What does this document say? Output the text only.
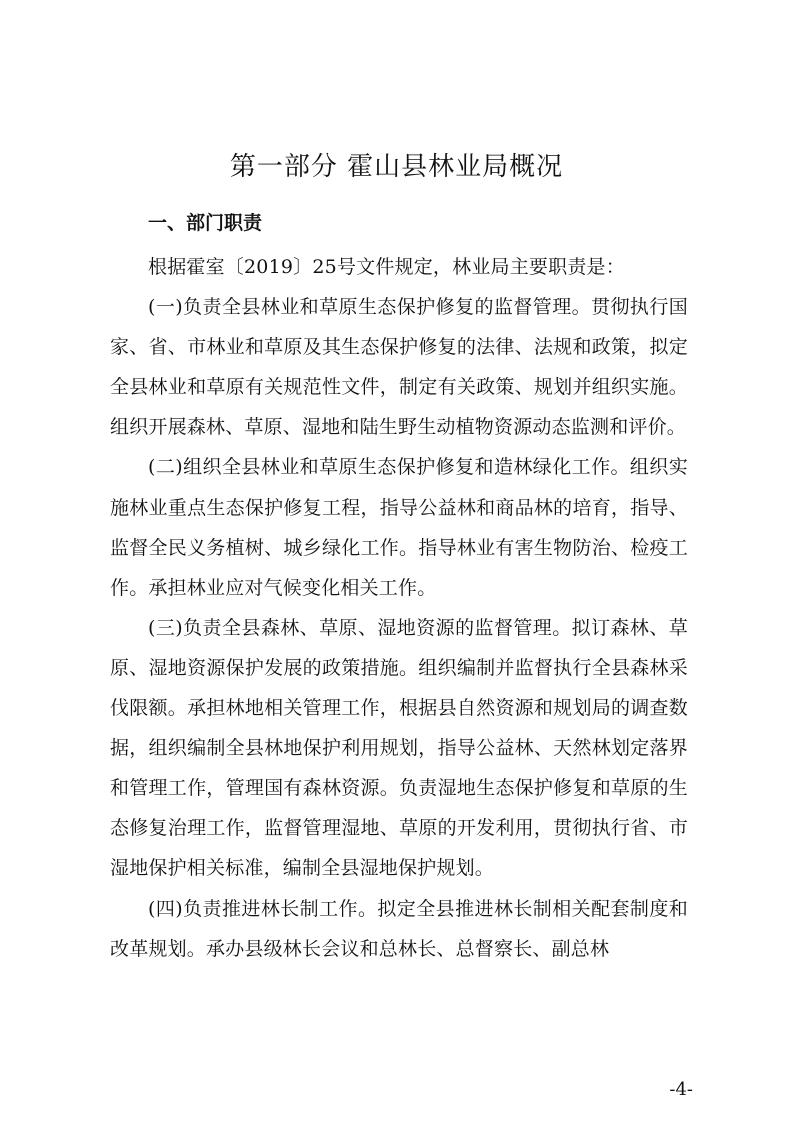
第一部分 霍山县林业局概况
一、部门职责

根据霍室〔2019〕25号文件规定，林业局主要职责是：

(一)负责全县林业和草原生态保护修复的监督管理。贯彻执行国家、省、市林业和草原及其生态保护修复的法律、法规和政策，拟定全县林业和草原有关规范性文件，制定有关政策、规划并组织实施。组织开展森林、草原、湿地和陆生野生动植物资源动态监测和评价。

(二)组织全县林业和草原生态保护修复和造林绿化工作。组织实施林业重点生态保护修复工程，指导公益林和商品林的培育，指导、监督全民义务植树、城乡绿化工作。指导林业有害生物防治、检疫工作。承担林业应对气候变化相关工作。

(三)负责全县森林、草原、湿地资源的监督管理。拟订森林、草原、湿地资源保护发展的政策措施。组织编制并监督执行全县森林采伐限额。承担林地相关管理工作，根据县自然资源和规划局的调查数据，组织编制全县林地保护利用规划，指导公益林、天然林划定落界和管理工作，管理国有森林资源。负责湿地生态保护修复和草原的生态修复治理工作，监督管理湿地、草原的开发利用，贯彻执行省、市湿地保护相关标准，编制全县湿地保护规划。

(四)负责推进林长制工作。拟定全县推进林长制相关配套制度和改革规划。承办县级林长会议和总林长、总督察长、副总林

-4-
